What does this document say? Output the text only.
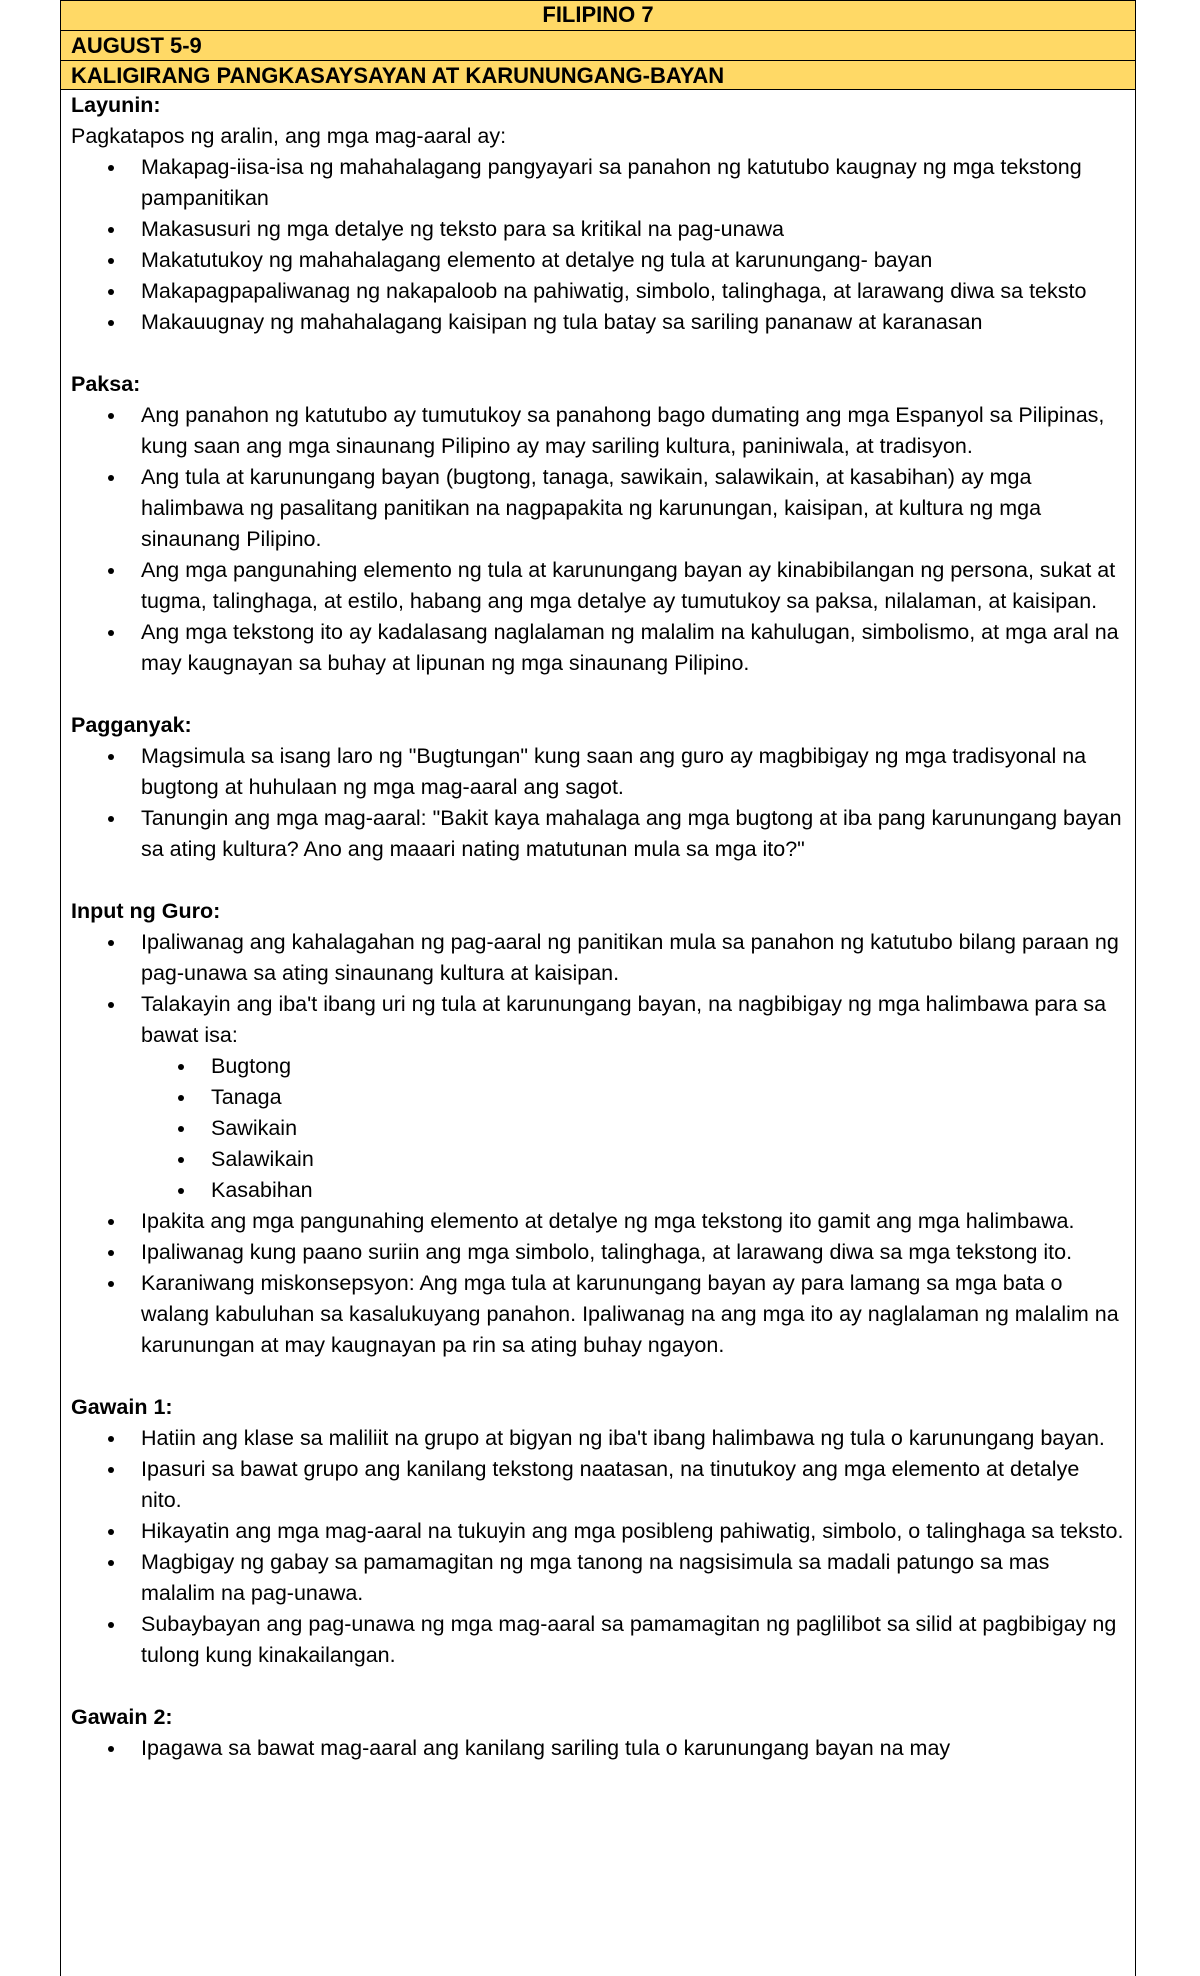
FILIPINO 7
AUGUST 5-9
KALIGIRANG PANGKASAYSAYAN AT KARUNUNGANG-BAYAN
Layunin:
Pagkatapos ng aralin, ang mga mag-aaral ay:
Makapag-iisa-isa ng mahahalagang pangyayari sa panahon ng katutubo kaugnay ng mga tekstong pampanitikan
Makasusuri ng mga detalye ng teksto para sa kritikal na pag-unawa
Makatutukoy ng mahahalagang elemento at detalye ng tula at karunungang- bayan
Makapagpapaliwanag ng nakapaloob na pahiwatig, simbolo, talinghaga, at larawang diwa sa teksto
Makauugnay ng mahahalagang kaisipan ng tula batay sa sariling pananaw at karanasan
Paksa:
Ang panahon ng katutubo ay tumutukoy sa panahong bago dumating ang mga Espanyol sa Pilipinas, kung saan ang mga sinaunang Pilipino ay may sariling kultura, paniniwala, at tradisyon.
Ang tula at karunungang bayan (bugtong, tanaga, sawikain, salawikain, at kasabihan) ay mga halimbawa ng pasalitang panitikan na nagpapakita ng karunungan, kaisipan, at kultura ng mga sinaunang Pilipino.
Ang mga pangunahing elemento ng tula at karunungang bayan ay kinabibilangan ng persona, sukat at tugma, talinghaga, at estilo, habang ang mga detalye ay tumutukoy sa paksa, nilalaman, at kaisipan.
Ang mga tekstong ito ay kadalasang naglalaman ng malalim na kahulugan, simbolismo, at mga aral na may kaugnayan sa buhay at lipunan ng mga sinaunang Pilipino.
Pagganyak:
Magsimula sa isang laro ng "Bugtungan" kung saan ang guro ay magbibigay ng mga tradisyonal na bugtong at huhulaan ng mga mag-aaral ang sagot.
Tanungin ang mga mag-aaral: "Bakit kaya mahalaga ang mga bugtong at iba pang karunungang bayan sa ating kultura? Ano ang maaari nating matutunan mula sa mga ito?"
Input ng Guro:
Ipaliwanag ang kahalagahan ng pag-aaral ng panitikan mula sa panahon ng katutubo bilang paraan ng pag-unawa sa ating sinaunang kultura at kaisipan.
Talakayin ang iba't ibang uri ng tula at karunungang bayan, na nagbibigay ng mga halimbawa para sa bawat isa:
Bugtong
Tanaga
Sawikain
Salawikain
Kasabihan
Ipakita ang mga pangunahing elemento at detalye ng mga tekstong ito gamit ang mga halimbawa.
Ipaliwanag kung paano suriin ang mga simbolo, talinghaga, at larawang diwa sa mga tekstong ito.
Karaniwang miskonsepsyon: Ang mga tula at karunungang bayan ay para lamang sa mga bata o walang kabuluhan sa kasalukuyang panahon. Ipaliwanag na ang mga ito ay naglalaman ng malalim na karunungan at may kaugnayan pa rin sa ating buhay ngayon.
Gawain 1:
Hatiin ang klase sa maliliit na grupo at bigyan ng iba't ibang halimbawa ng tula o karunungang bayan.
Ipasuri sa bawat grupo ang kanilang tekstong naatasan, na tinutukoy ang mga elemento at detalye nito.
Hikayatin ang mga mag-aaral na tukuyin ang mga posibleng pahiwatig, simbolo, o talinghaga sa teksto.
Magbigay ng gabay sa pamamagitan ng mga tanong na nagsisimula sa madali patungo sa mas malalim na pag-unawa.
Subaybayan ang pag-unawa ng mga mag-aaral sa pamamagitan ng paglilibot sa silid at pagbibigay ng tulong kung kinakailangan.
Gawain 2:
Ipagawa sa bawat mag-aaral ang kanilang sariling tula o karunungang bayan na may
